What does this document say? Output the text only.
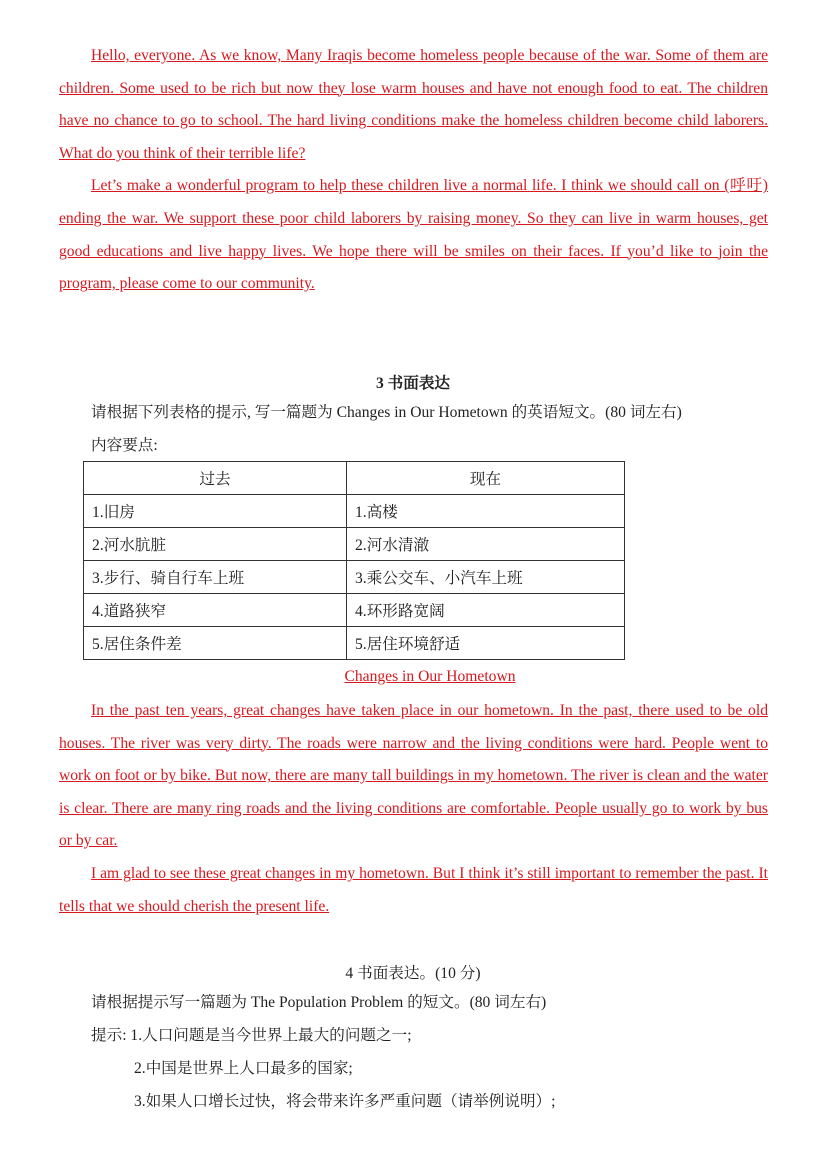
Hello, everyone. As we know, Many Iraqis become homeless people because of the war. Some of them are children. Some used to be rich but now they lose warm houses and have not enough food to eat. The children have no chance to go to school. The hard living conditions make the homeless children become child laborers. What do you think of their terrible life?

Let’s make a wonderful program to help these children live a normal life. I think we should call on (呼吁) ending the war. We support these poor child laborers by raising money. So they can live in warm houses, get good educations and live happy lives. We hope there will be smiles on their faces. If you’d like to join the program, please come to our community.

3 书面表达
请根据下列表格的提示, 写一篇题为 Changes in Our Hometown 的英语短文。(80 词左右)
内容要点:
过去	现在
1.旧房	1.高楼
2.河水肮脏	2.河水清澈
3.步行、骑自行车上班	3.乘公交车、小汽车上班
4.道路狭窄	4.环形路宽阔
5.居住条件差	5.居住环境舒适
Changes in Our Hometown

In the past ten years, great changes have taken place in our hometown. In the past, there used to be old houses. The river was very dirty. The roads were narrow and the living conditions were hard. People went to work on foot or by bike. But now, there are many tall buildings in my hometown. The river is clean and the water is clear. There are many ring roads and the living conditions are comfortable. People usually go to work by bus or by car.

I am glad to see these great changes in my hometown. But I think it’s still important to remember the past. It tells that we should cherish the present life.

4 书面表达。(10 分)
请根据提示写一篇题为 The Population Problem 的短文。(80 词左右)
提示: 1.人口问题是当今世界上最大的问题之一;
2.中国是世界上人口最多的国家;
3.如果人口增长过快，将会带来许多严重问题（请举例说明）;
